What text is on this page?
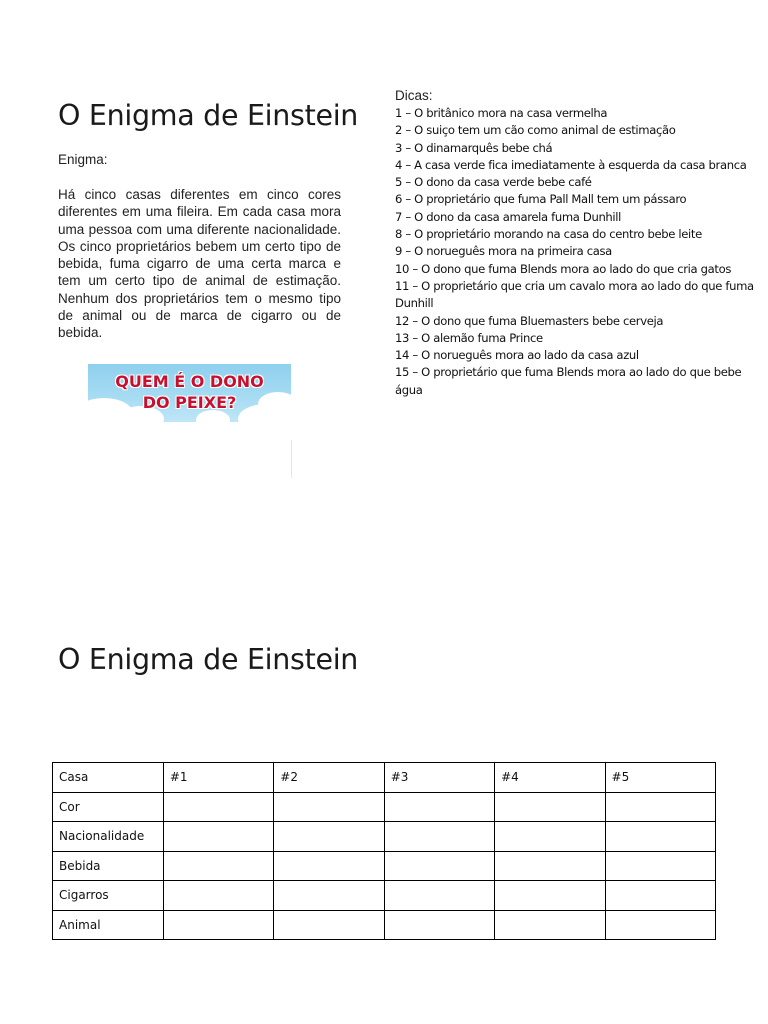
O Enigma de Einstein
Enigma:
Há cinco casas diferentes em cinco cores diferentes em uma fileira. Em cada casa mora uma pessoa com uma diferente nacionalidade. Os cinco proprietários bebem um certo tipo de bebida, fuma cigarro de uma certa marca e tem um certo tipo de animal de estimação. Nenhum dos proprietários tem o mesmo tipo de animal ou de marca de cigarro ou de bebida.
QUEM É O DONO
DO PEIXE?
Dicas:
1 – O britânico mora na casa vermelha
2 – O suiço tem um cão como animal de estimação
3 – O dinamarquês bebe chá
4 – A casa verde fica imediatamente à esquerda da casa branca
5 – O dono da casa verde bebe café
6 – O proprietário que fuma Pall Mall tem um pássaro
7 – O dono da casa amarela fuma Dunhill
8 – O proprietário morando na casa do centro bebe leite
9 – O norueguês mora na primeira casa
10 – O dono que fuma Blends mora ao lado do que cria gatos
11 – O proprietário que cria um cavalo mora ao lado do que fuma Dunhill
12 – O dono que fuma Bluemasters bebe cerveja
13 – O alemão fuma Prince
14 – O norueguês mora ao lado da casa azul
15 – O proprietário que fuma Blends mora ao lado do que bebe água
O Enigma de Einstein
Casa	#1	#2	#3	#4	#5
Cor					
Nacionalidade					
Bebida					
Cigarros					
Animal					
